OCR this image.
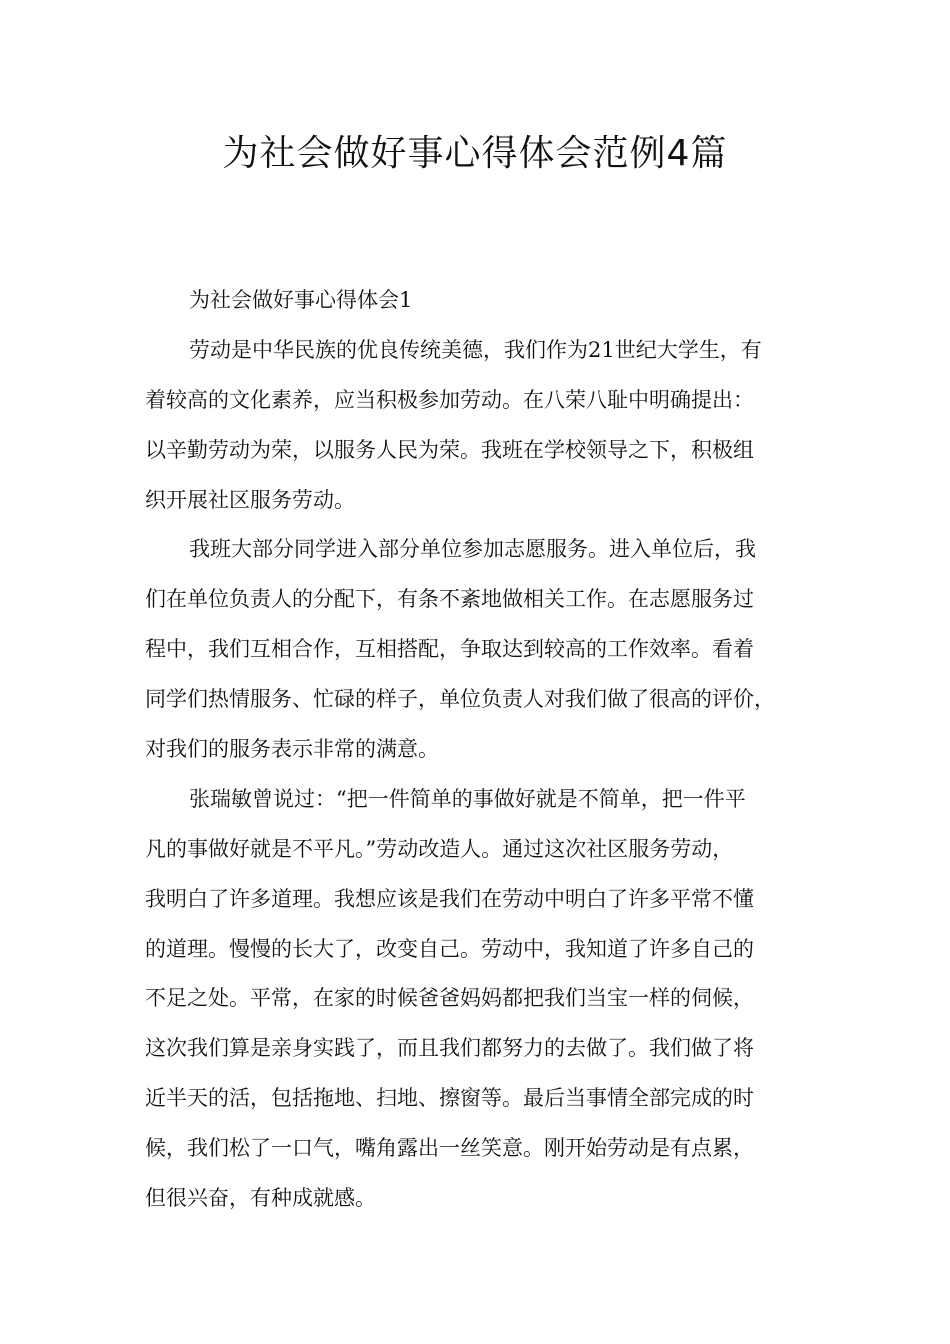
为社会做好事心得体会范例4篇
为社会做好事心得体会1
劳动是中华民族的优良传统美德，我们作为21世纪大学生，有
着较高的文化素养，应当积极参加劳动。在八荣八耻中明确提出：
以辛勤劳动为荣，以服务人民为荣。我班在学校领导之下，积极组
织开展社区服务劳动。
我班大部分同学进入部分单位参加志愿服务。进入单位后，我
们在单位负责人的分配下，有条不紊地做相关工作。在志愿服务过
程中，我们互相合作，互相搭配，争取达到较高的工作效率。看着
同学们热情服务、忙碌的样子，单位负责人对我们做了很高的评价，
对我们的服务表示非常的满意。
张瑞敏曾说过：“把一件简单的事做好就是不简单，把一件平
凡的事做好就是不平凡。”劳动改造人。通过这次社区服务劳动，
我明白了许多道理。我想应该是我们在劳动中明白了许多平常不懂
的道理。慢慢的长大了，改变自己。劳动中，我知道了许多自己的
不足之处。平常，在家的时候爸爸妈妈都把我们当宝一样的伺候，
这次我们算是亲身实践了，而且我们都努力的去做了。我们做了将
近半天的活，包括拖地、扫地、擦窗等。最后当事情全部完成的时
候，我们松了一口气，嘴角露出一丝笑意。刚开始劳动是有点累，
但很兴奋，有种成就感。
